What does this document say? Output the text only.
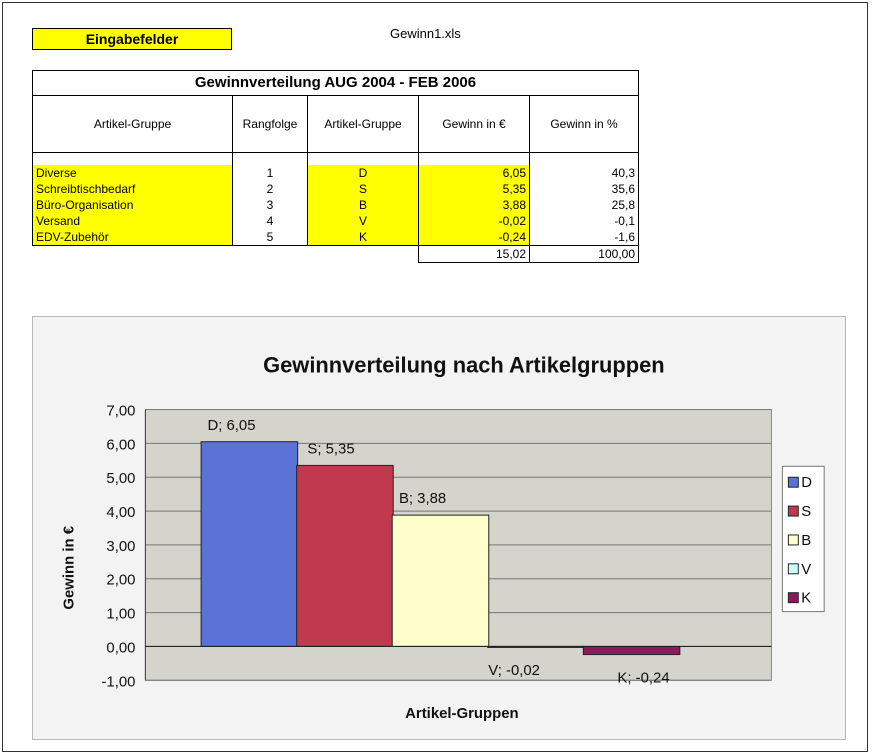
Eingabefelder	Gewinn1.xls
Gewinnverteilung AUG 2004 - FEB 2006				
Artikel-Gruppe	Rangfolge	Artikel-Gruppe	Gewinn in €	Gewinn in %

Diverse	1	D	6,05	40,3
Schreibtischbedarf	2	S	5,35	35,6
Büro-Organisation	3	B	3,88	25,8
Versand	4	V	-0,02	-0,1
EDV-Zubehör	5	K	-0,24	-1,6
			15,02	100,00
Gewinnverteilung nach Artikelgruppen
Artikel-Gruppen
Gewinn in €
-1,00
0,00
1,00
2,00
3,00
4,00
5,00
6,00
7,00
D; 6,05
S; 5,35
B; 3,88
V; -0,02	K; -0,24
D
S
B
V
K
